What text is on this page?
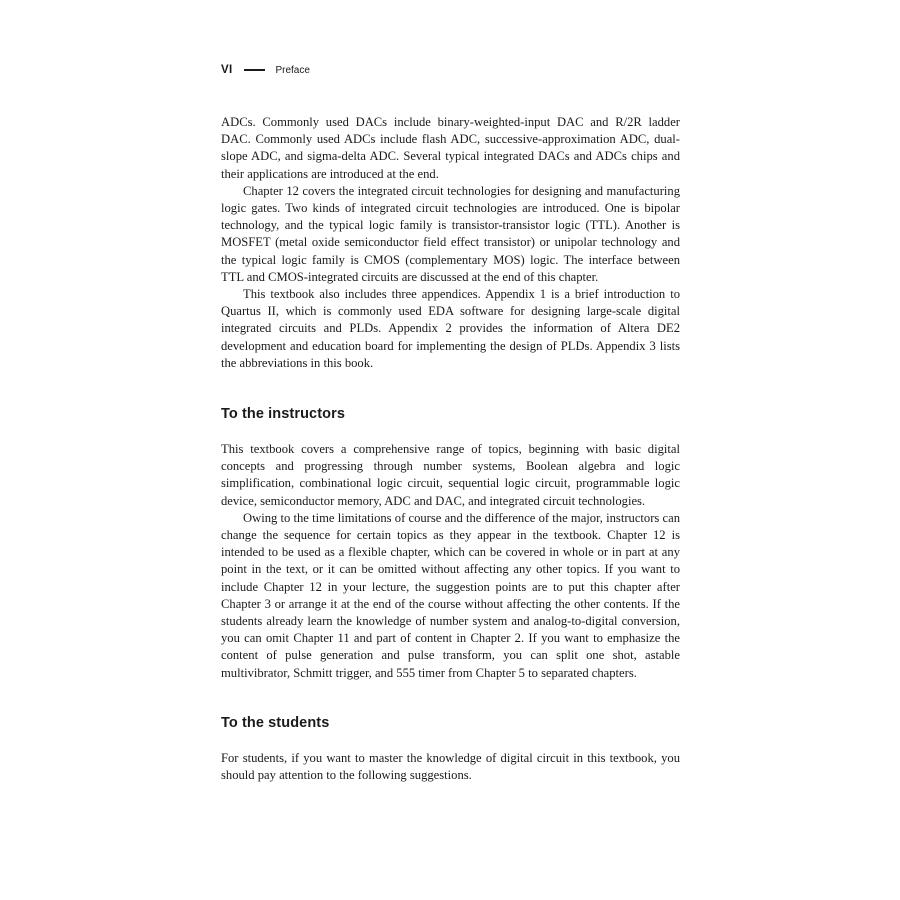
VI	Preface

ADCs. Commonly used DACs include binary-weighted-input DAC and R/2R ladder DAC. Commonly used ADCs include flash ADC, successive-approximation ADC, dual-slope ADC, and sigma-delta ADC. Several typical integrated DACs and ADCs chips and their applications are introduced at the end.

Chapter 12 covers the integrated circuit technologies for designing and manufacturing logic gates. Two kinds of integrated circuit technologies are introduced. One is bipolar technology, and the typical logic family is transistor-transistor logic (TTL). Another is MOSFET (metal oxide semiconductor field effect transistor) or unipolar technology and the typical logic family is CMOS (complementary MOS) logic. The interface between TTL and CMOS-integrated circuits are discussed at the end of this chapter.

This textbook also includes three appendices. Appendix 1 is a brief introduction to Quartus II, which is commonly used EDA software for designing large-scale digital integrated circuits and PLDs. Appendix 2 provides the information of Altera DE2 development and education board for implementing the design of PLDs. Appendix 3 lists the abbreviations in this book.

To the instructors

This textbook covers a comprehensive range of topics, beginning with basic digital concepts and progressing through number systems, Boolean algebra and logic simplification, combinational logic circuit, sequential logic circuit, programmable logic device, semiconductor memory, ADC and DAC, and integrated circuit technologies.

Owing to the time limitations of course and the difference of the major, instructors can change the sequence for certain topics as they appear in the textbook. Chapter 12 is intended to be used as a flexible chapter, which can be covered in whole or in part at any point in the text, or it can be omitted without affecting any other topics. If you want to include Chapter 12 in your lecture, the suggestion points are to put this chapter after Chapter 3 or arrange it at the end of the course without affecting the other contents. If the students already learn the knowledge of number system and analog-to-digital conversion, you can omit Chapter 11 and part of content in Chapter 2. If you want to emphasize the content of pulse generation and pulse transform, you can split one shot, astable multivibrator, Schmitt trigger, and 555 timer from Chapter 5 to separated chapters.

To the students

For students, if you want to master the knowledge of digital circuit in this textbook, you should pay attention to the following suggestions.
